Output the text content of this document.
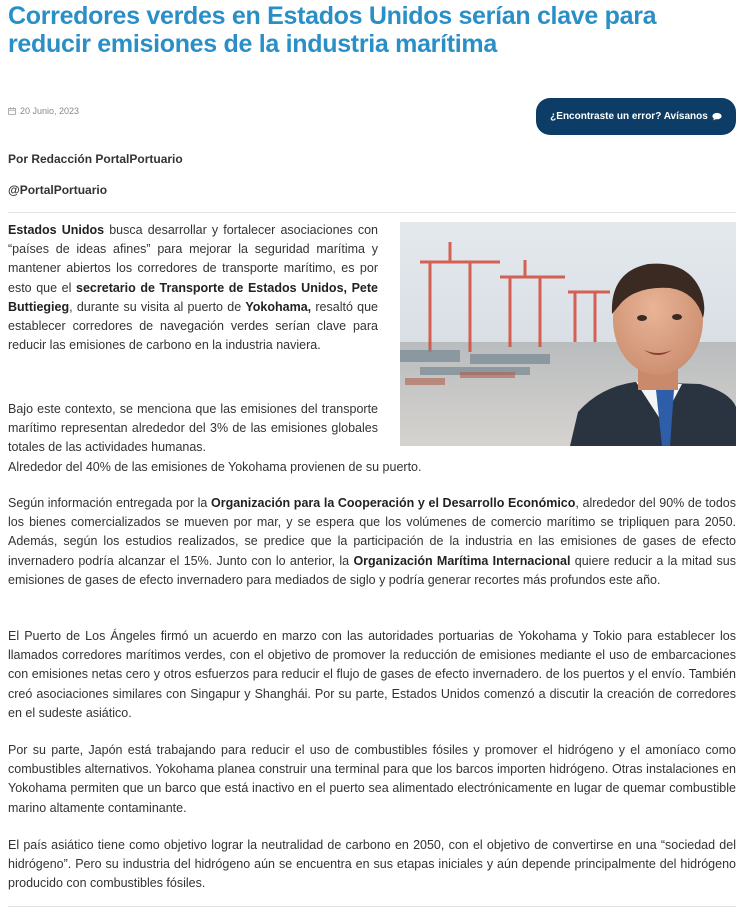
Corredores verdes en Estados Unidos serían clave para reducir emisiones de la industria marítima
20 Junio, 2023	¿Encontraste un error? Avísanos
Por Redacción PortalPortuario
@PortalPortuario

Estados Unidos busca desarrollar y fortalecer asociaciones con “países de ideas afines” para mejorar la seguridad marítima y mantener abiertos los corredores de transporte marítimo, es por esto que el secretario de Transporte de Estados Unidos, Pete Buttiegieg, durante su visita al puerto de Yokohama, resaltó que establecer corredores de navegación verdes serían clave para reducir las emisiones de carbono en la industria naviera.

Bajo este contexto, se menciona que las emisiones del transporte marítimo representan alrededor del 3% de las emisiones globales totales de las actividades humanas.
Alrededor del 40% de las emisiones de Yokohama provienen de su puerto.

Según información entregada por la Organización para la Cooperación y el Desarrollo Económico, alrededor del 90% de todos los bienes comercializados se mueven por mar, y se espera que los volúmenes de comercio marítimo se tripliquen para 2050. Además, según los estudios realizados, se predice que la participación de la industria en las emisiones de gases de efecto invernadero podría alcanzar el 15%. Junto con lo anterior, la Organización Marítima Internacional quiere reducir a la mitad sus emisiones de gases de efecto invernadero para mediados de siglo y podría generar recortes más profundos este año.

El Puerto de Los Ángeles firmó un acuerdo en marzo con las autoridades portuarias de Yokohama y Tokio para establecer los llamados corredores marítimos verdes, con el objetivo de promover la reducción de emisiones mediante el uso de embarcaciones con emisiones netas cero y otros esfuerzos para reducir el flujo de gases de efecto invernadero. de los puertos y el envío. También creó asociaciones similares con Singapur y Shanghái. Por su parte, Estados Unidos comenzó a discutir la creación de corredores en el sudeste asiático.

Por su parte, Japón está trabajando para reducir el uso de combustibles fósiles y promover el hidrógeno y el amoníaco como combustibles alternativos. Yokohama planea construir una terminal para que los barcos importen hidrógeno. Otras instalaciones en Yokohama permiten que un barco que está inactivo en el puerto sea alimentado electrónicamente en lugar de quemar combustible marino altamente contaminante.

El país asiático tiene como objetivo lograr la neutralidad de carbono en 2050, con el objetivo de convertirse en una “sociedad del hidrógeno”. Pero su industria del hidrógeno aún se encuentra en sus etapas iniciales y aún depende principalmente del hidrógeno producido con combustibles fósiles.
